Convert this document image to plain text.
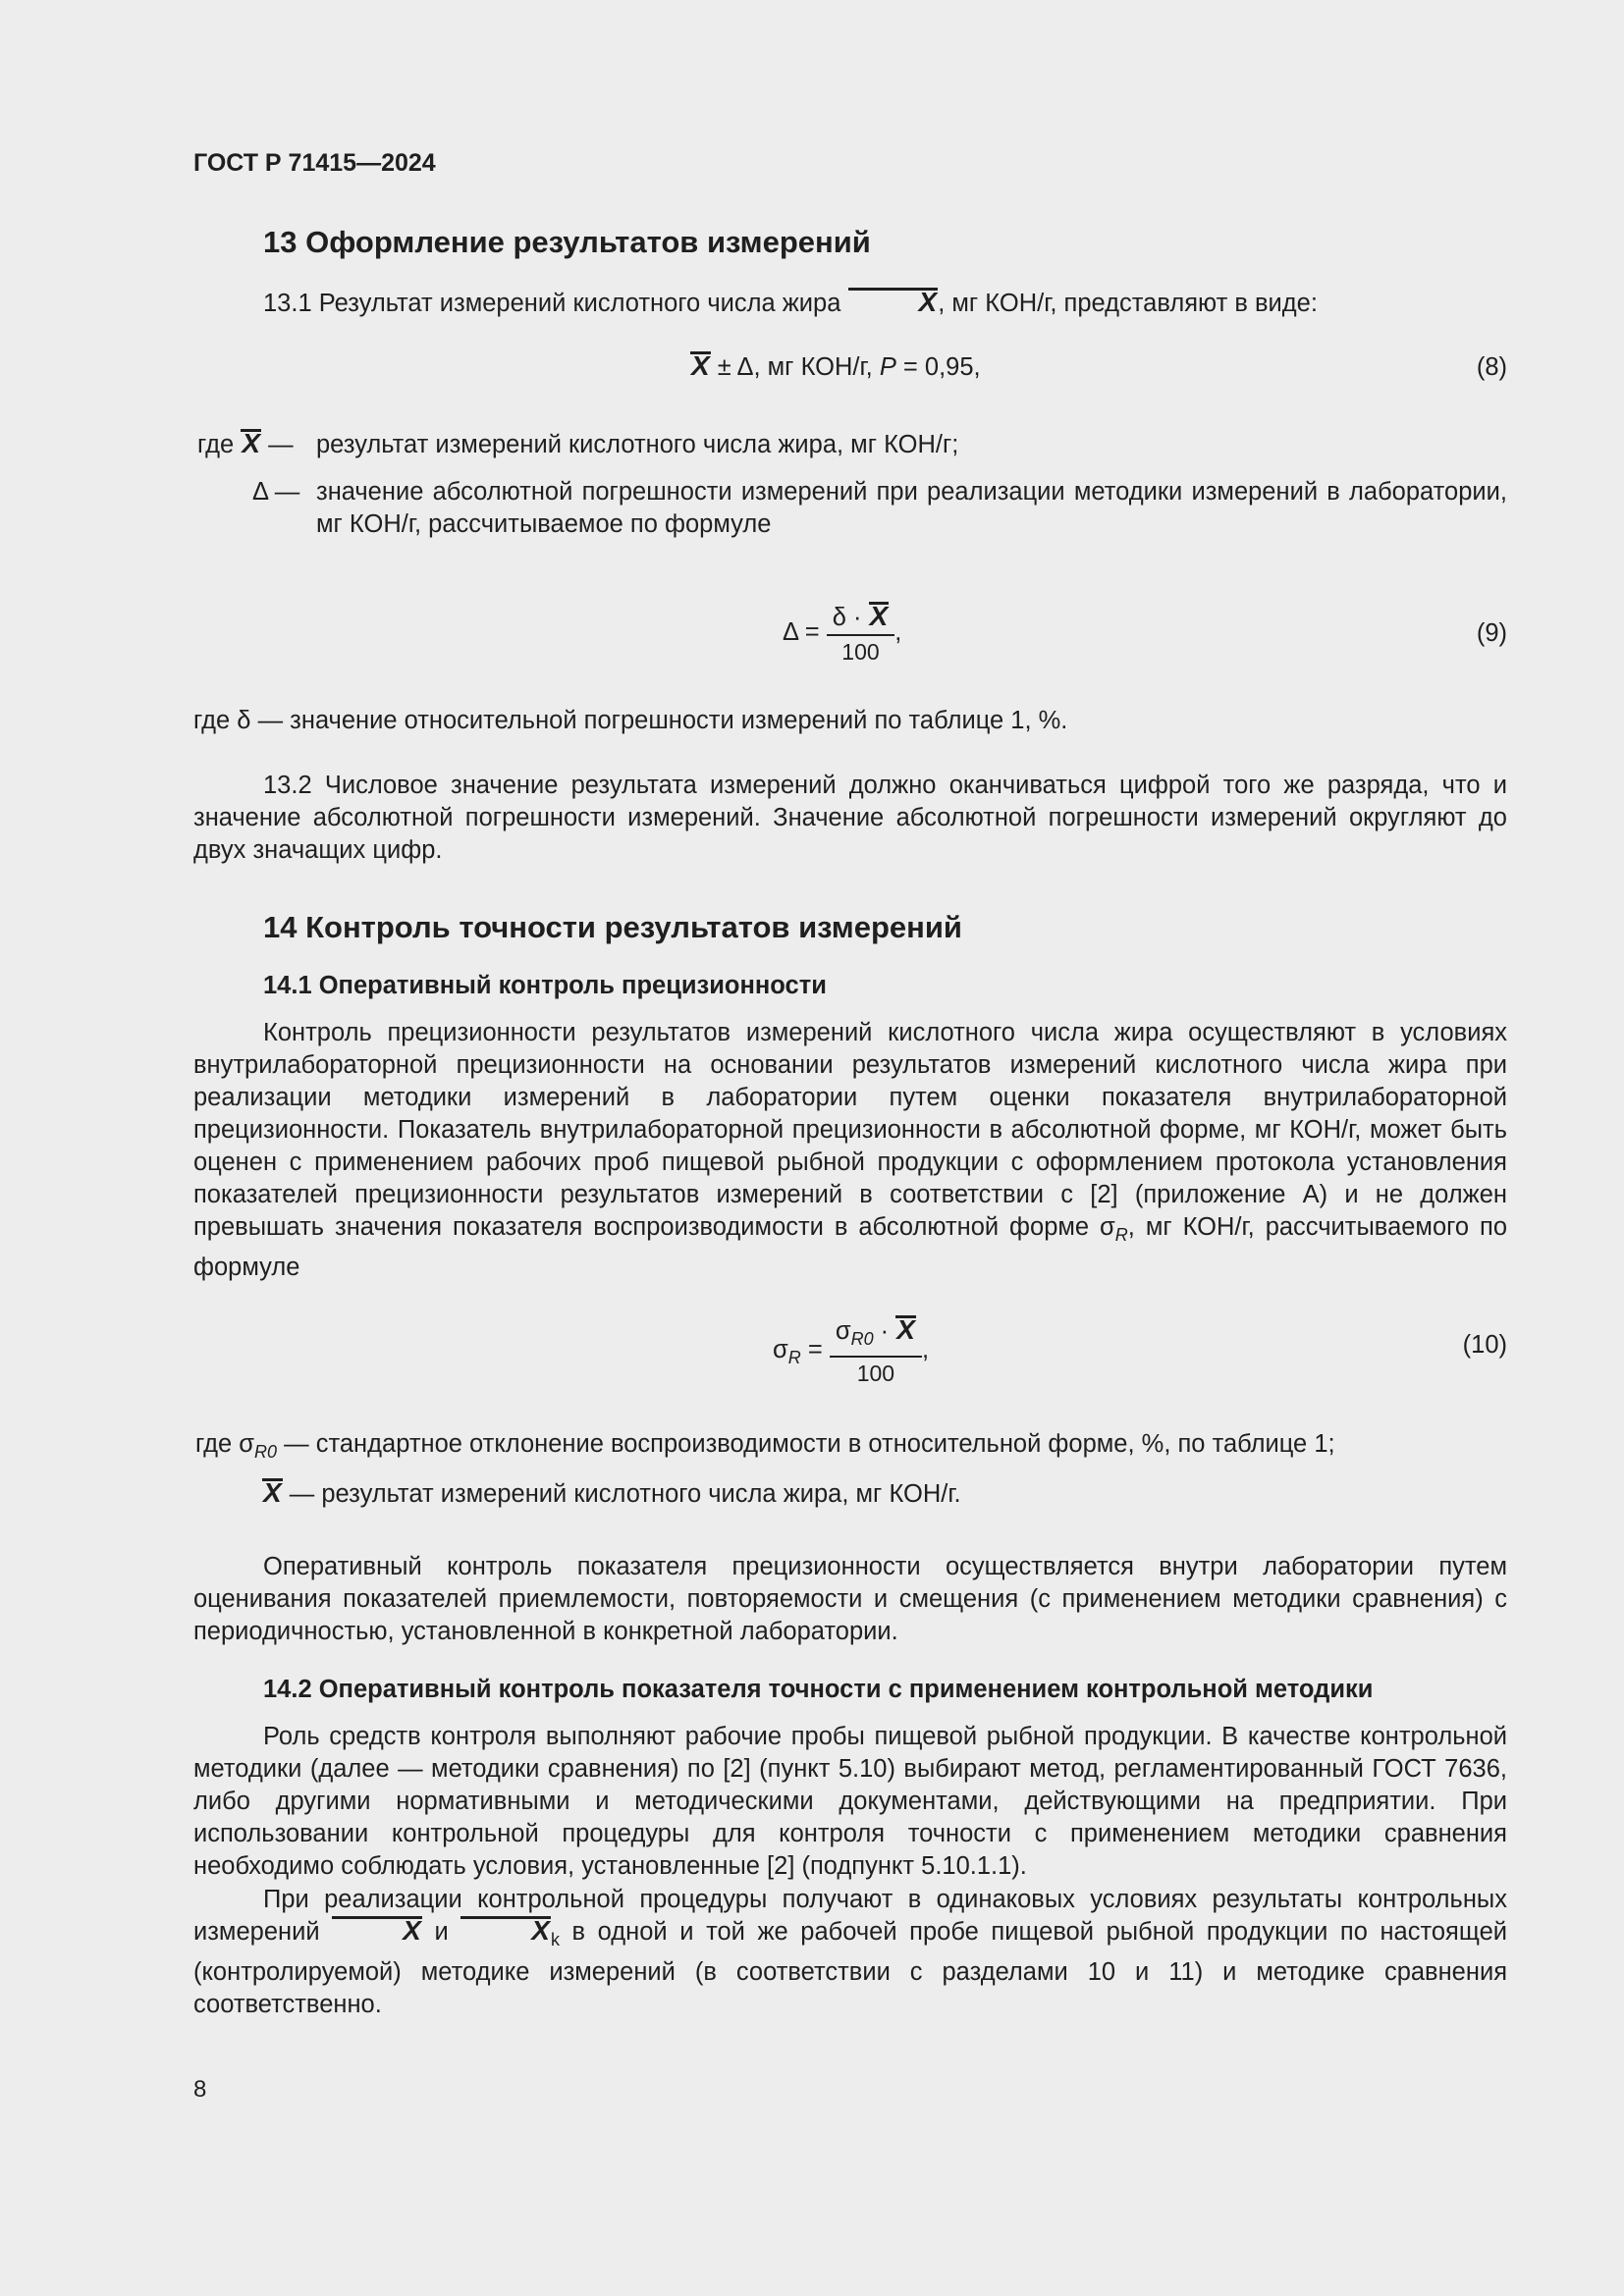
ГОСТ Р 71415—2024
13 Оформление результатов измерений

13.1 Результат измерений кислотного числа жира	X, мг КОН/г, представляют в виде:

X ± Δ, мг КОН/г, P = 0,95,	(8)
где X — результат измерений кислотного числа жира, мг КОН/г;
Δ — значение абсолютной погрешности измерений при реализации методики измерений в лаборатории, мг КОН/г, рассчитываемое по формуле

$\Delta = \frac{\delta \cdot X}{100}$ ,	(9)

где δ — значение относительной погрешности измерений по таблице 1, %.

13.2 Числовое значение результата измерений должно оканчиваться цифрой того же разряда, что и значение абсолютной погрешности измерений. Значение абсолютной погрешности измерений округляют до двух значащих цифр.

14 Контроль точности результатов измерений
14.1 Оперативный контроль прецизионности

Контроль прецизионности результатов измерений кислотного числа жира осуществляют в условиях внутрилабораторной прецизионности на основании результатов измерений кислотного числа жира при реализации методики измерений в лаборатории путем оценки показателя внутрилабораторной прецизионности. Показатель внутрилабораторной прецизионности в абсолютной форме, мг КОН/г, может быть оценен с применением рабочих проб пищевой рыбной продукции с оформлением протокола установления показателей прецизионности результатов измерений в соответствии с [2] (приложение А) и не должен превышать значения показателя воспроизводимости в абсолютной форме $\sigma_R$, мг КОН/г, рассчитываемого по формуле

$\sigma_R = \frac{\sigma_{R0} \cdot X}{100}$ ,	(10)
где $\sigma_{R0}$ — стандартное отклонение воспроизводимости в относительной форме, %, по таблице 1;
X — результат измерений кислотного числа жира, мг КОН/г.

Оперативный контроль показателя прецизионности осуществляется внутри лаборатории путем оценивания показателей приемлемости, повторяемости и смещения (с применением методики сравнения) с периодичностью, установленной в конкретной лаборатории.

14.2 Оперативный контроль показателя точности с применением контрольной методики

Роль средств контроля выполняют рабочие пробы пищевой рыбной продукции. В качестве контрольной методики (далее — методики сравнения) по [2] (пункт 5.10) выбирают метод, регламентированный ГОСТ 7636, либо другими нормативными и методическими документами, действующими на предприятии. При использовании контрольной процедуры для контроля точности с применением методики сравнения необходимо соблюдать условия, установленные [2] (подпункт 5.10.1.1).

При реализации контрольной процедуры получают в одинаковых условиях результаты контрольных измерений	X и	$X_k$ в одной и той же рабочей пробе пищевой рыбной продукции по настоящей (контролируемой) методике измерений (в соответствии с разделами 10 и 11) и методике сравнения соответственно.

8
